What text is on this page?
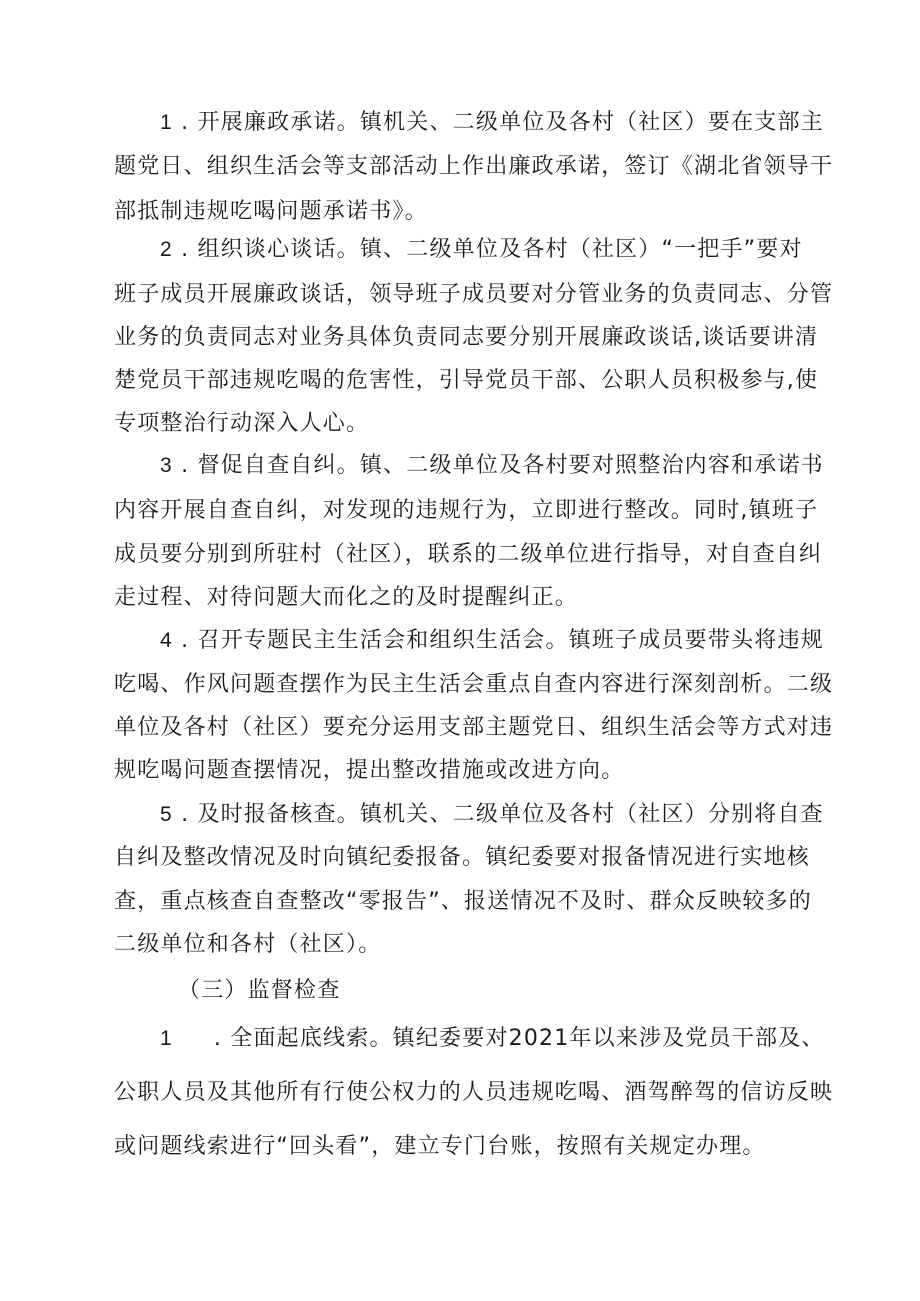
1 . 开展廉政承诺。镇机关、二级单位及各村（社区）要在支部主
题党日、组织生活会等支部活动上作出廉政承诺，签订《湖北省领导干
部抵制违规吃喝问题承诺书》。
2 . 组织谈心谈话。镇、二级单位及各村（社区）“一把手”要对
班子成员开展廉政谈话，领导班子成员要对分管业务的负责同志、分管
业务的负责同志对业务具体负责同志要分别开展廉政谈话,谈话要讲清
楚党员干部违规吃喝的危害性，引导党员干部、公职人员积极参与,使
专项整治行动深入人心。
3 . 督促自查自纠。镇、二级单位及各村要对照整治内容和承诺书
内容开展自查自纠，对发现的违规行为，立即进行整改。同时,镇班子
成员要分别到所驻村（社区），联系的二级单位进行指导，对自查自纠
走过程、对待问题大而化之的及时提醒纠正。
4 . 召开专题民主生活会和组织生活会。镇班子成员要带头将违规
吃喝、作风问题查摆作为民主生活会重点自查内容进行深刻剖析。二级
单位及各村（社区）要充分运用支部主题党日、组织生活会等方式对违
规吃喝问题查摆情况，提出整改措施或改进方向。
5 . 及时报备核查。镇机关、二级单位及各村（社区）分别将自查
自纠及整改情况及时向镇纪委报备。镇纪委要对报备情况进行实地核
查，重点核查自查整改“零报告”、报送情况不及时、群众反映较多的
二级单位和各村（社区）。
（三）监督检查
1     . 全面起底线索。镇纪委要对2021年以来涉及党员干部及、
公职人员及其他所有行使公权力的人员违规吃喝、酒驾醉驾的信访反映
或问题线索进行“回头看”，建立专门台账，按照有关规定办理。
